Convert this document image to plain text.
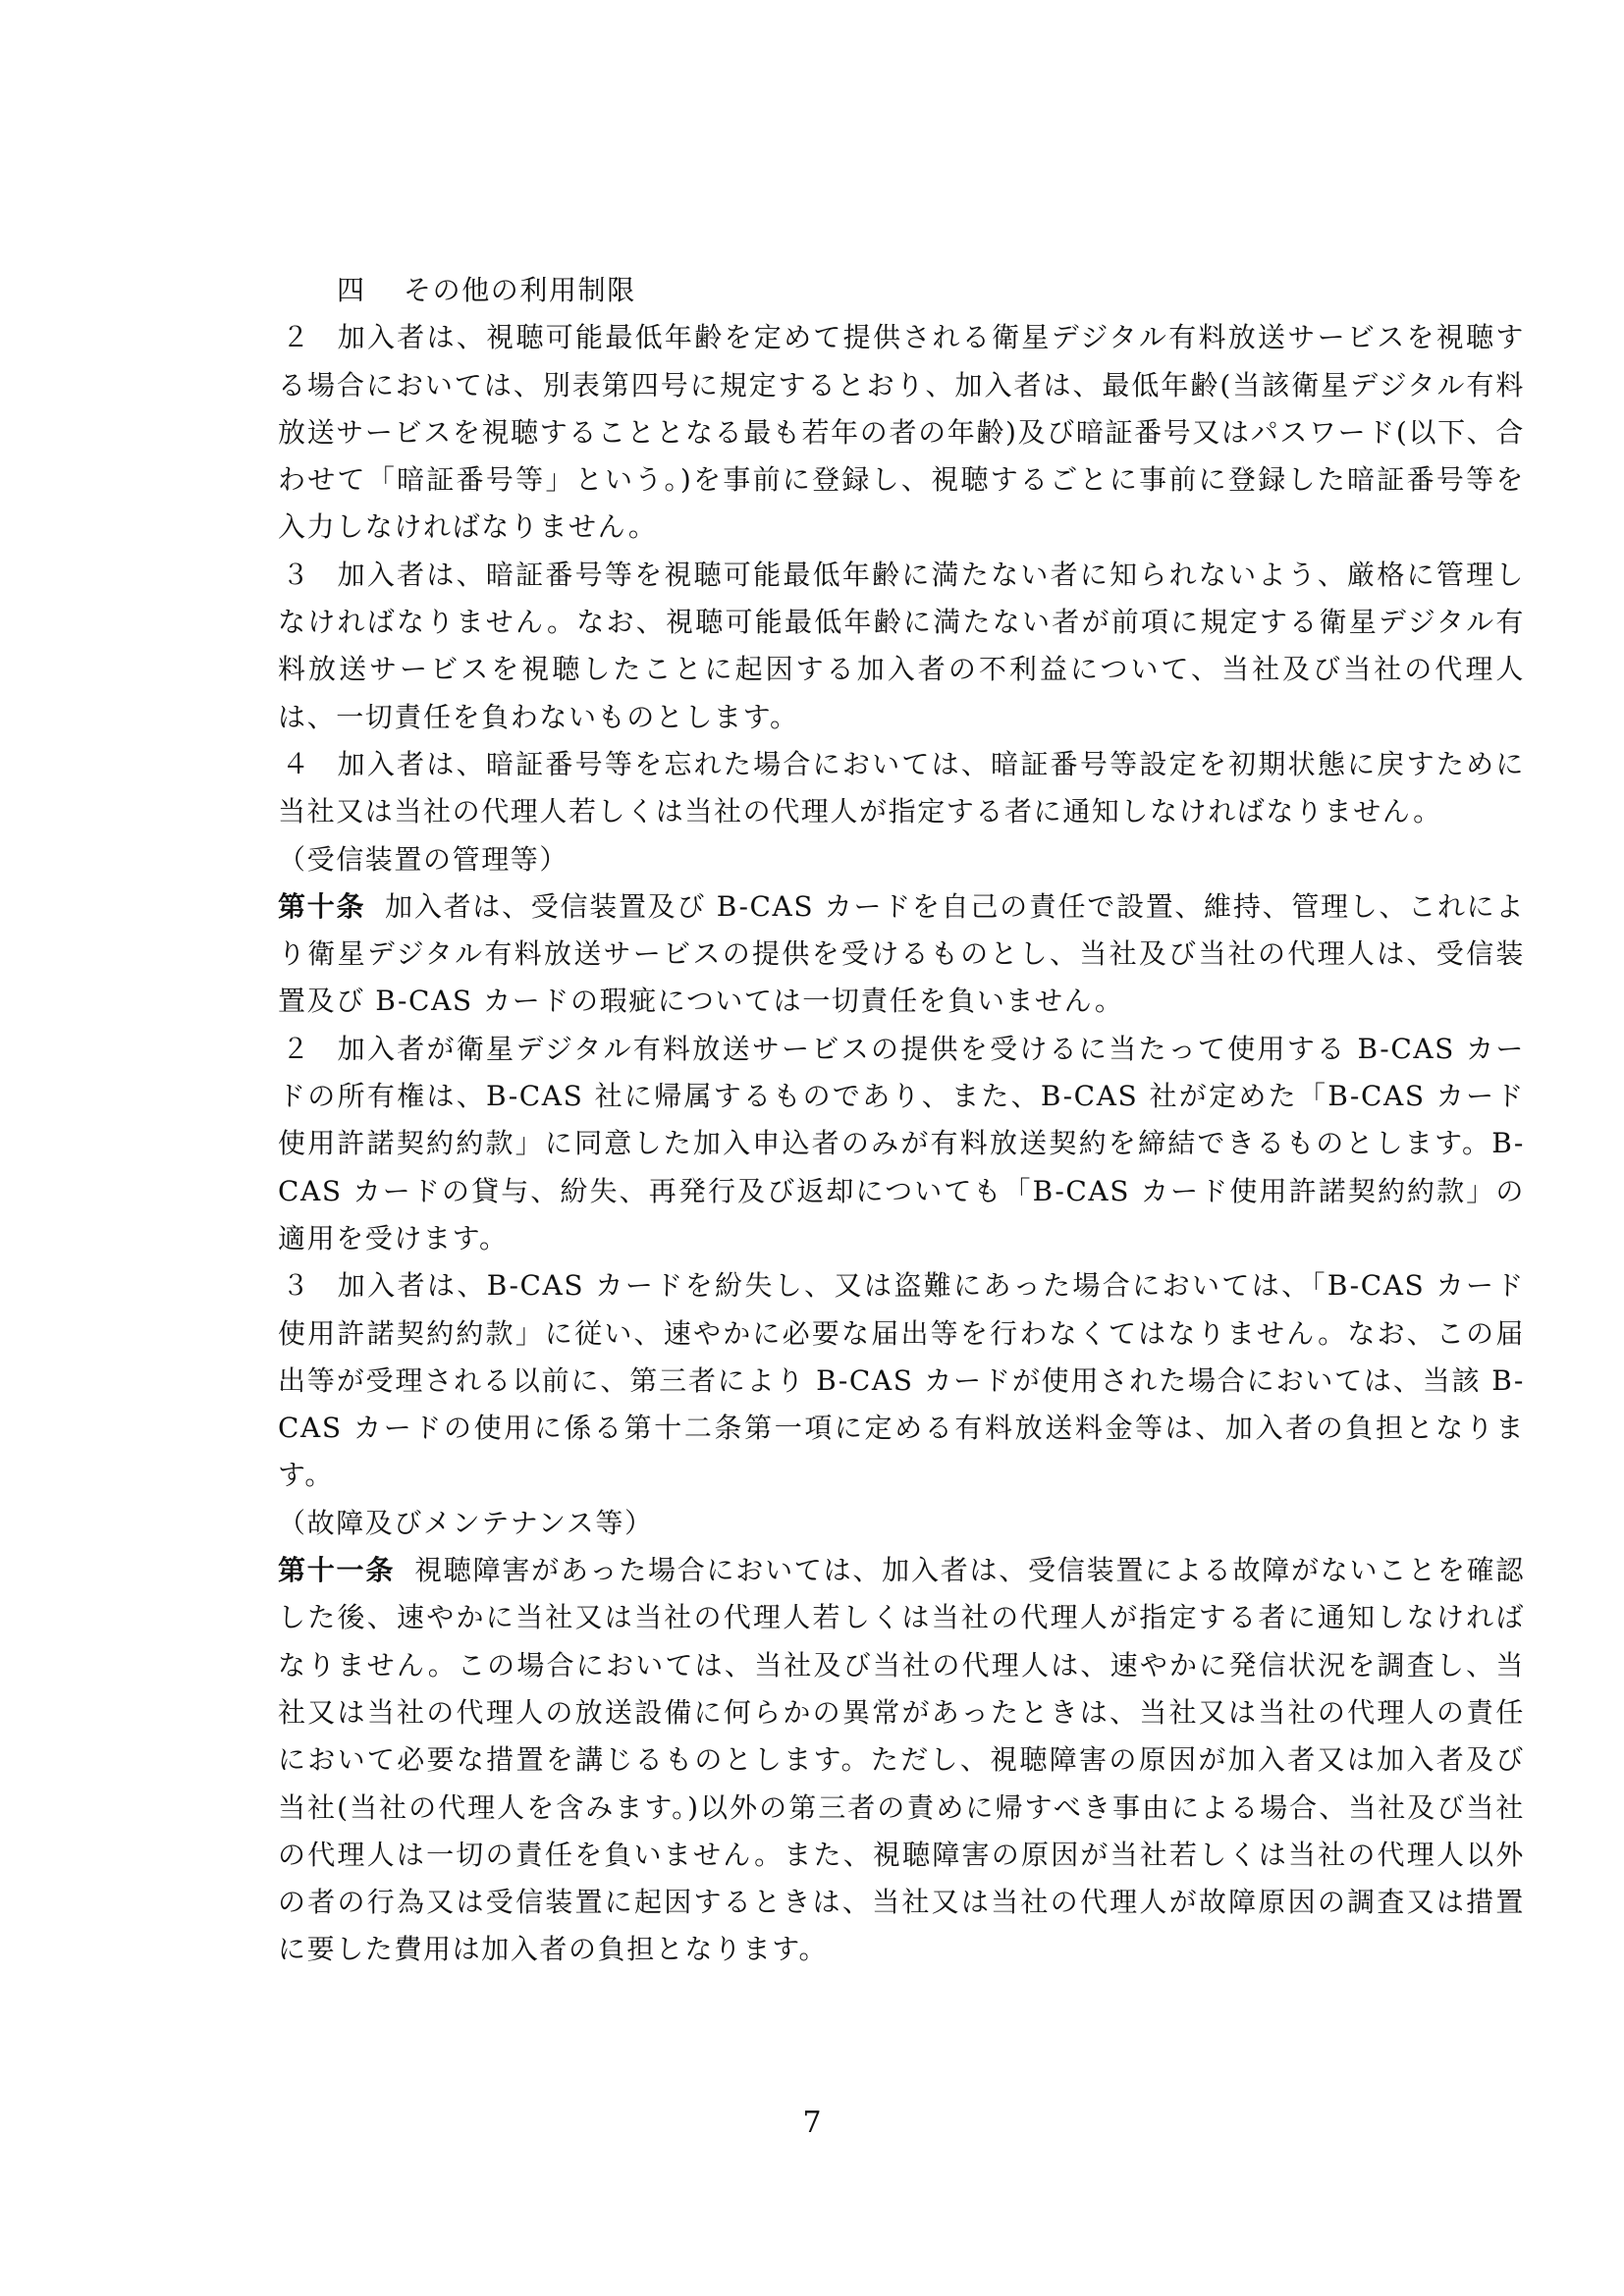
四 その他の利用制限

２ 加入者は、視聴可能最低年齢を定めて提供される衛星デジタル有料放送サービスを視聴する場合においては、別表第四号に規定するとおり、加入者は、最低年齢(当該衛星デジタル有料放送サービスを視聴することとなる最も若年の者の年齢)及び暗証番号又はパスワード(以下、合わせて「暗証番号等」という。)を事前に登録し、視聴するごとに事前に登録した暗証番号等を入力しなければなりません。

３ 加入者は、暗証番号等を視聴可能最低年齢に満たない者に知られないよう、厳格に管理しなければなりません。なお、視聴可能最低年齢に満たない者が前項に規定する衛星デジタル有料放送サービスを視聴したことに起因する加入者の不利益について、当社及び当社の代理人は、一切責任を負わないものとします。

４ 加入者は、暗証番号等を忘れた場合においては、暗証番号等設定を初期状態に戻すために当社又は当社の代理人若しくは当社の代理人が指定する者に通知しなければなりません。

（受信装置の管理等）

第十条 加入者は、受信装置及び B-CAS カードを自己の責任で設置、維持、管理し、これにより衛星デジタル有料放送サービスの提供を受けるものとし、当社及び当社の代理人は、受信装置及び B-CAS カードの瑕疵については一切責任を負いません。

２ 加入者が衛星デジタル有料放送サービスの提供を受けるに当たって使用する B-CAS カードの所有権は、B-CAS 社に帰属するものであり、また、B-CAS 社が定めた「B-CAS カード使用許諾契約約款」に同意した加入申込者のみが有料放送契約を締結できるものとします。B-CAS カードの貸与、紛失、再発行及び返却についても「B-CAS カード使用許諾契約約款」の適用を受けます。

３ 加入者は、B-CAS カードを紛失し、又は盗難にあった場合においては、「B-CAS カード使用許諾契約約款」に従い、速やかに必要な届出等を行わなくてはなりません。なお、この届出等が受理される以前に、第三者により B-CAS カードが使用された場合においては、当該 B-CAS カードの使用に係る第十二条第一項に定める有料放送料金等は、加入者の負担となります。

（故障及びメンテナンス等）

第十一条 視聴障害があった場合においては、加入者は、受信装置による故障がないことを確認した後、速やかに当社又は当社の代理人若しくは当社の代理人が指定する者に通知しなければなりません。この場合においては、当社及び当社の代理人は、速やかに発信状況を調査し、当社又は当社の代理人の放送設備に何らかの異常があったときは、当社又は当社の代理人の責任において必要な措置を講じるものとします。ただし、視聴障害の原因が加入者又は加入者及び当社(当社の代理人を含みます。)以外の第三者の責めに帰すべき事由による場合、当社及び当社の代理人は一切の責任を負いません。また、視聴障害の原因が当社若しくは当社の代理人以外の者の行為又は受信装置に起因するときは、当社又は当社の代理人が故障原因の調査又は措置に要した費用は加入者の負担となります。

7
